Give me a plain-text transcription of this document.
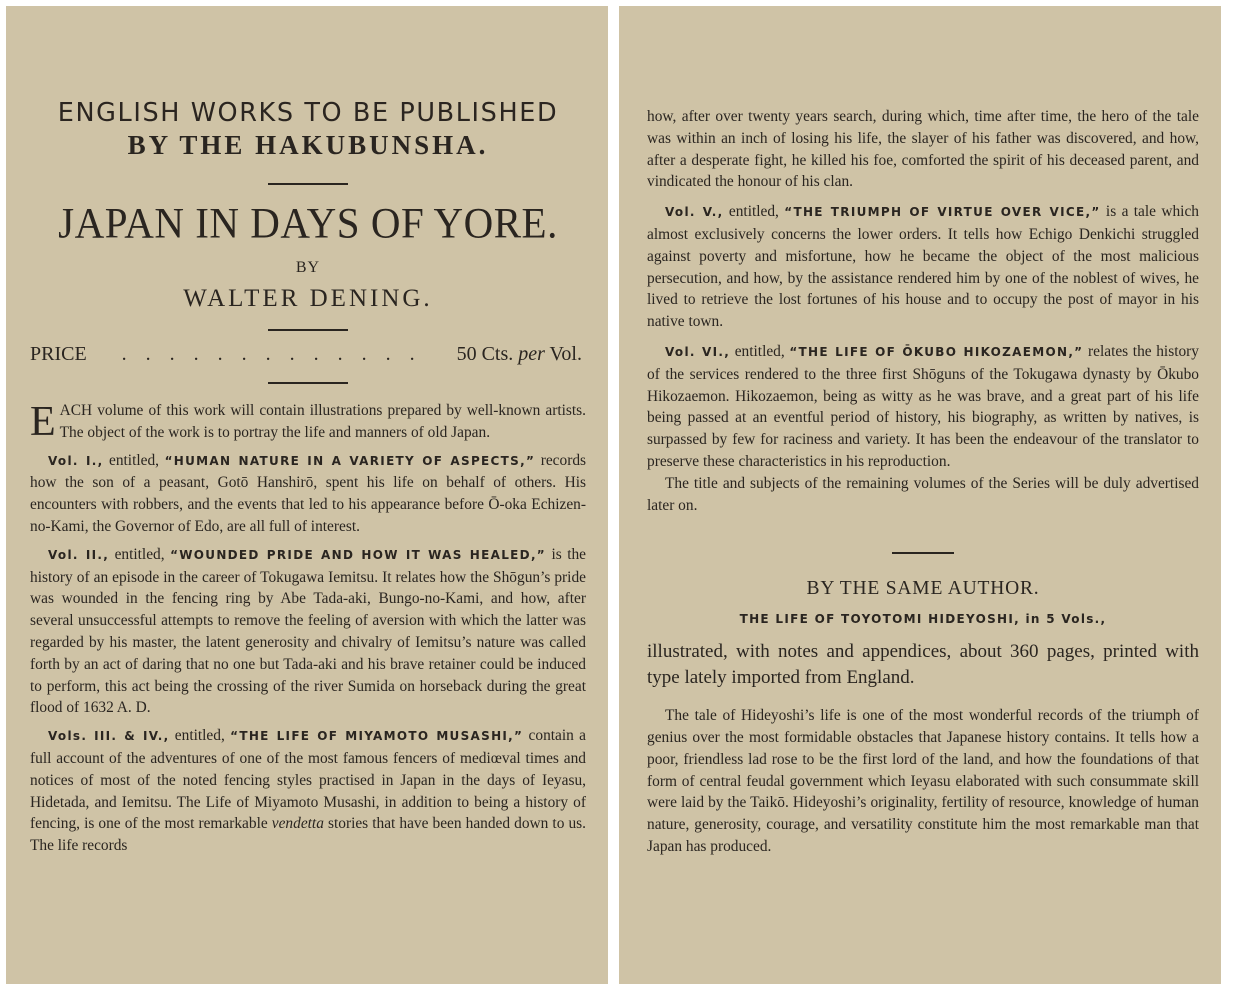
ENGLISH WORKS TO BE PUBLISHED
BY THE HAKUBUNSHA.
JAPAN IN DAYS OF YORE.
BY
WALTER DENING.
PRICE . . . . . . . . . . . . . 50 Cts. per Vol.

EACH volume of this work will contain illustrations prepared by well-known artists. The object of the work is to portray the life and manners of old Japan.

Vol. I., entitled, “HUMAN NATURE IN A VARIETY OF ASPECTS,” records how the son of a peasant, Gotō Hanshirō, spent his life on behalf of others. His encounters with robbers, and the events that led to his appearance before Ō-oka Echizen-no-Kami, the Governor of Edo, are all full of interest.

Vol. II., entitled, “WOUNDED PRIDE AND HOW IT WAS HEALED,” is the history of an episode in the career of Tokugawa Iemitsu. It relates how the Shōgun’s pride was wounded in the fencing ring by Abe Tada-aki, Bungo-no-Kami, and how, after several unsuccessful attempts to remove the feeling of aversion with which the latter was regarded by his master, the latent generosity and chivalry of Iemitsu’s nature was called forth by an act of daring that no one but Tada-aki and his brave retainer could be induced to perform, this act being the crossing of the river Sumida on horseback during the great flood of 1632 A. D.

Vols. III. & IV., entitled, “THE LIFE OF MIYAMOTO MUSASHI,” contain a full account of the adventures of one of the most famous fencers of mediœval times and notices of most of the noted fencing styles practised in Japan in the days of Ieyasu, Hidetada, and Iemitsu. The Life of Miyamoto Musashi, in addition to being a history of fencing, is one of the most remarkable vendetta stories that have been handed down to us. The life records

how, after over twenty years search, during which, time after time, the hero of the tale was within an inch of losing his life, the slayer of his father was discovered, and how, after a desperate fight, he killed his foe, comforted the spirit of his deceased parent, and vindicated the honour of his clan.

Vol. V., entitled, “THE TRIUMPH OF VIRTUE OVER VICE,” is a tale which almost exclusively concerns the lower orders. It tells how Echigo Denkichi struggled against poverty and misfortune, how he became the object of the most malicious persecution, and how, by the assistance rendered him by one of the noblest of wives, he lived to retrieve the lost fortunes of his house and to occupy the post of mayor in his native town.

Vol. VI., entitled, “THE LIFE OF ŌKUBO HIKOZAEMON,” relates the history of the services rendered to the three first Shōguns of the Tokugawa dynasty by Ōkubo Hikozaemon. Hikozaemon, being as witty as he was brave, and a great part of his life being passed at an eventful period of history, his biography, as written by natives, is surpassed by few for raciness and variety. It has been the endeavour of the translator to preserve these characteristics in his reproduction.

The title and subjects of the remaining volumes of the Series will be duly advertised later on.

BY THE SAME AUTHOR.

THE LIFE OF TOYOTOMI HIDEYOSHI, in 5 Vols.,

illustrated, with notes and appendices, about 360 pages, printed with type lately imported from England.

The tale of Hideyoshi’s life is one of the most wonderful records of the triumph of genius over the most formidable obstacles that Japanese history contains. It tells how a poor, friendless lad rose to be the first lord of the land, and how the foundations of that form of central feudal government which Ieyasu elaborated with such consummate skill were laid by the Taikō. Hideyoshi’s originality, fertility of resource, knowledge of human nature, generosity, courage, and versatility constitute him the most remarkable man that Japan has produced.
